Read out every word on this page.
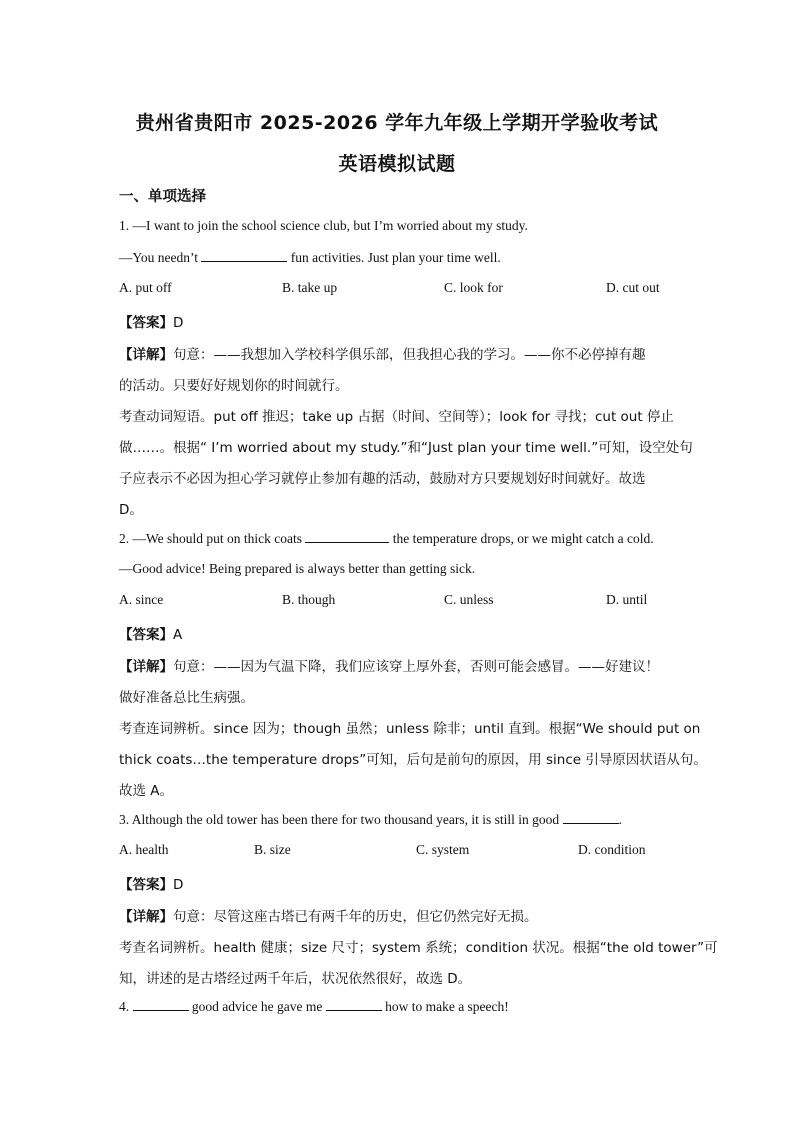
贵州省贵阳市 2025-2026 学年九年级上学期开学验收考试
英语模拟试题
一、单项选择
1. —I want to join the school science club, but I’m worried about my study.
—You needn’t	fun activities. Just plan your time well.
A. put off	B. take up	C. look for	D. cut out
【答案】D
【详解】句意：——我想加入学校科学俱乐部，但我担心我的学习。——你不必停掉有趣
的活动。只要好好规划你的时间就行。
考查动词短语。put off 推迟；take up 占据（时间、空间等）；look for 寻找；cut out 停止
做……。根据“ I’m worried about my study.”和“Just plan your time well.”可知，设空处句
子应表示不必因为担心学习就停止参加有趣的活动，鼓励对方只要规划好时间就好。故选
D。
2. —We should put on thick coats	the temperature drops, or we might catch a cold.
—Good advice! Being prepared is always better than getting sick.
A. since	B. though	C. unless	D. until
【答案】A
【详解】句意：——因为气温下降，我们应该穿上厚外套，否则可能会感冒。——好建议！
做好准备总比生病强。
考查连词辨析。since 因为；though 虽然；unless 除非；until 直到。根据“We should put on
thick coats…the temperature drops”可知，后句是前句的原因，用 since 引导原因状语从句。
故选 A。
3. Although the old tower has been there for two thousand years, it is still in good	.
A. health	B. size	C. system	D. condition
【答案】D
【详解】句意：尽管这座古塔已有两千年的历史，但它仍然完好无损。
考查名词辨析。health 健康；size 尺寸；system 系统；condition 状况。根据“the old tower”可
知，讲述的是古塔经过两千年后，状况依然很好，故选 D。
4.	good advice he gave me	how to make a speech!
